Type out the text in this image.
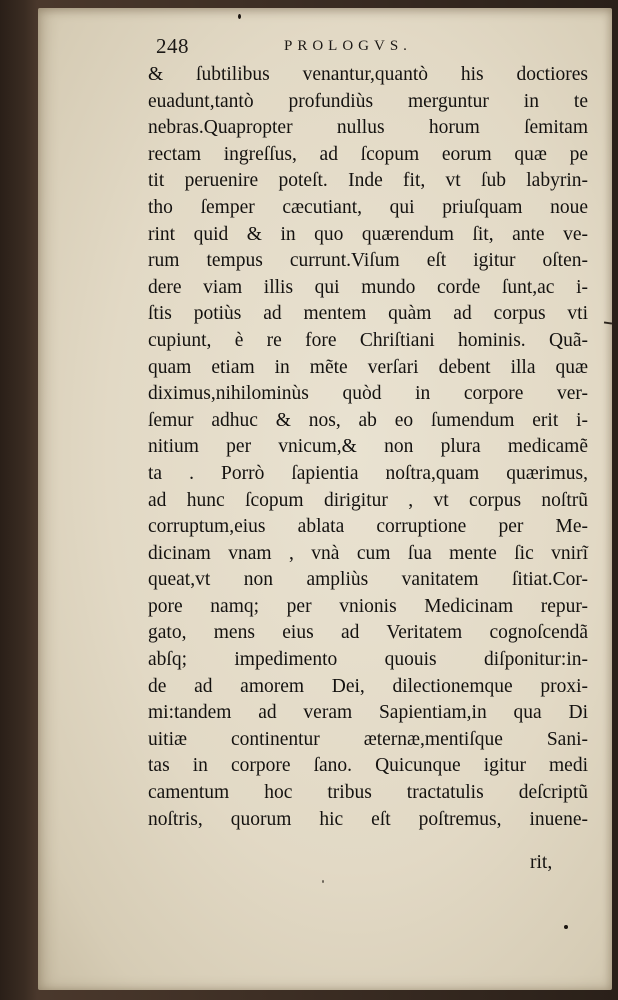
248	PROLOGVS.
& ſubtilibus venantur,quantò his doctiores
euadunt,tantò profundiùs merguntur in te
nebras.Quapropter nullus horum ſemitam
rectam ingreſſus, ad ſcopum eorum quæ pe
tit peruenire poteſt. Inde fit, vt ſub labyrin-
tho ſemper cæcutiant, qui priuſquam noue
rint quid & in quo quærendum ſit, ante ve-
rum tempus currunt.Viſum eſt igitur oſten-
dere viam illis qui mundo corde ſunt,ac i-
ſtis potiùs ad mentem quàm ad corpus vti
cupiunt, è re fore Chriſtiani hominis. Quã-
quam etiam in mẽte verſari debent illa quæ
diximus,nihilominùs quòd in corpore ver-
ſemur adhuc & nos, ab eo ſumendum erit i-
nitium per vnicum,& non plura medicamẽ
ta . Porrò ſapientia noſtra,quam quærimus,
ad hunc ſcopum dirigitur , vt corpus noſtrũ
corruptum,eius ablata corruptione per Me-
dicinam vnam , vnà cum ſua mente ſic vnirĩ
queat,vt non ampliùs vanitatem ſitiat.Cor-
pore namq; per vnionis Medicinam repur-
gato, mens eius ad Veritatem cognoſcendã
abſq; impedimento quouis diſponitur:in-
de ad amorem Dei, dilectionemque proxi-
mi:tandem ad veram Sapientiam,in qua Di
uitiæ continentur æternæ,mentiſque Sani-
tas in corpore ſano. Quicunque igitur medi
camentum hoc tribus tractatulis deſcriptũ
noſtris, quorum hic eſt poſtremus, inuene-
rit,
